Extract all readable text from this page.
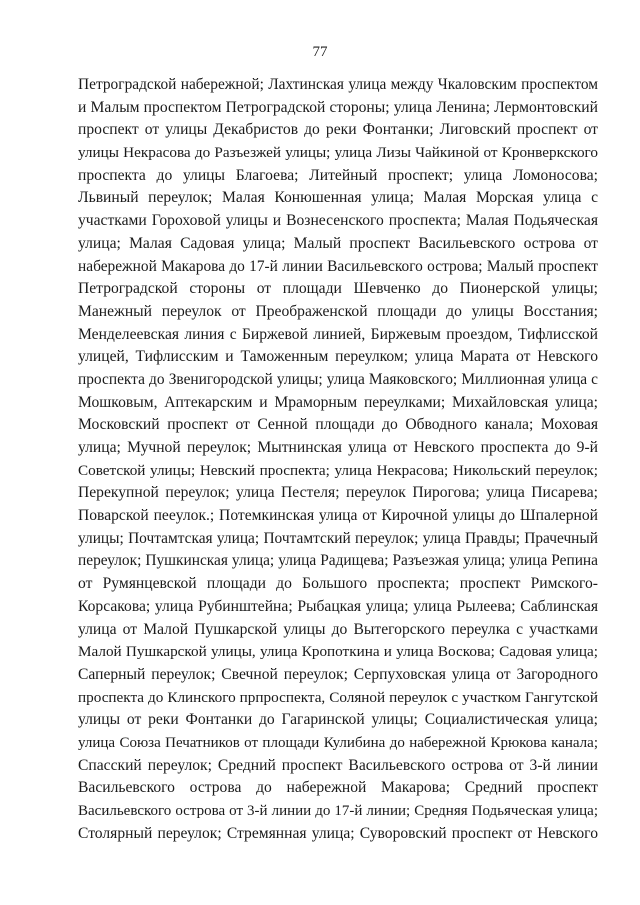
77
Петроградской набережной; Лахтинская улица между Чкаловским проспектом
и Малым проспектом Петроградской стороны; улица Ленина; Лермонтовский
проспект от улицы Декабристов до реки Фонтанки; Лиговский проспект от
улицы Некрасова до Разъезжей улицы; улица Лизы Чайкиной от Кронверкского
проспекта до улицы Благоева; Литейный проспект; улица Ломоносова;
Львиный переулок; Малая Конюшенная улица; Малая Морская улица с
участками Гороховой улицы и Вознесенского проспекта; Малая Подьяческая
улица; Малая Садовая улица; Малый проспект Васильевского острова от
набережной Макарова до 17-й линии Васильевского острова; Малый проспект
Петроградской стороны от площади Шевченко до Пионерской улицы;
Манежный переулок от Преображенской площади до улицы Восстания;
Менделеевская линия с Биржевой линией, Биржевым проездом, Тифлисской
улицей, Тифлисским и Таможенным переулком; улица Марата от Невского
проспекта до Звенигородской улицы; улица Маяковского; Миллионная улица с
Мошковым, Аптекарским и Мраморным переулками; Михайловская улица;
Московский проспект от Сенной площади до Обводного канала; Моховая
улица; Мучной переулок; Мытнинская улица от Невского проспекта до 9-й
Советской улицы; Невский проспекта; улица Некрасова; Никольский переулок;
Перекупной переулок; улица Пестеля; переулок Пирогова; улица Писарева;
Поварской пеeулок.; Потемкинская улица от Кирочной улицы до Шпалерной
улицы; Почтамтская улица; Почтамтский переулок; улица Правды; Прачечный
переулок; Пушкинская улица; улица Радищева; Разъезжая улица; улица Репина
от Румянцевской площади до Большого проспекта; проспект Римского-
Корсакова; улица Рубинштейна; Рыбацкая улица; улица Рылеева; Саблинская
улица от Малой Пушкарской улицы до Вытегорского переулка с участками
Малой Пушкарской улицы, улица Кропоткина и улица Воскова; Садовая улица;
Саперный переулок; Свечной переулок; Серпуховская улица от Загородного
проспекта до Клинского прпроспекта, Соляной переулок с участком Гангутской
улицы от реки Фонтанки до Гагаринской улицы; Социалистическая улица;
улица Союза Печатников от площади Кулибина до набережной Крюкова канала;
Спасский переулок; Средний проспект Васильевского острова от 3-й линии
Васильевского острова до набережной Макарова; Средний проспект
Васильевского острова от 3-й линии до 17-й линии; Средняя Подьяческая улица;
Столярный переулок; Стремянная улица; Суворовский проспект от Невского
